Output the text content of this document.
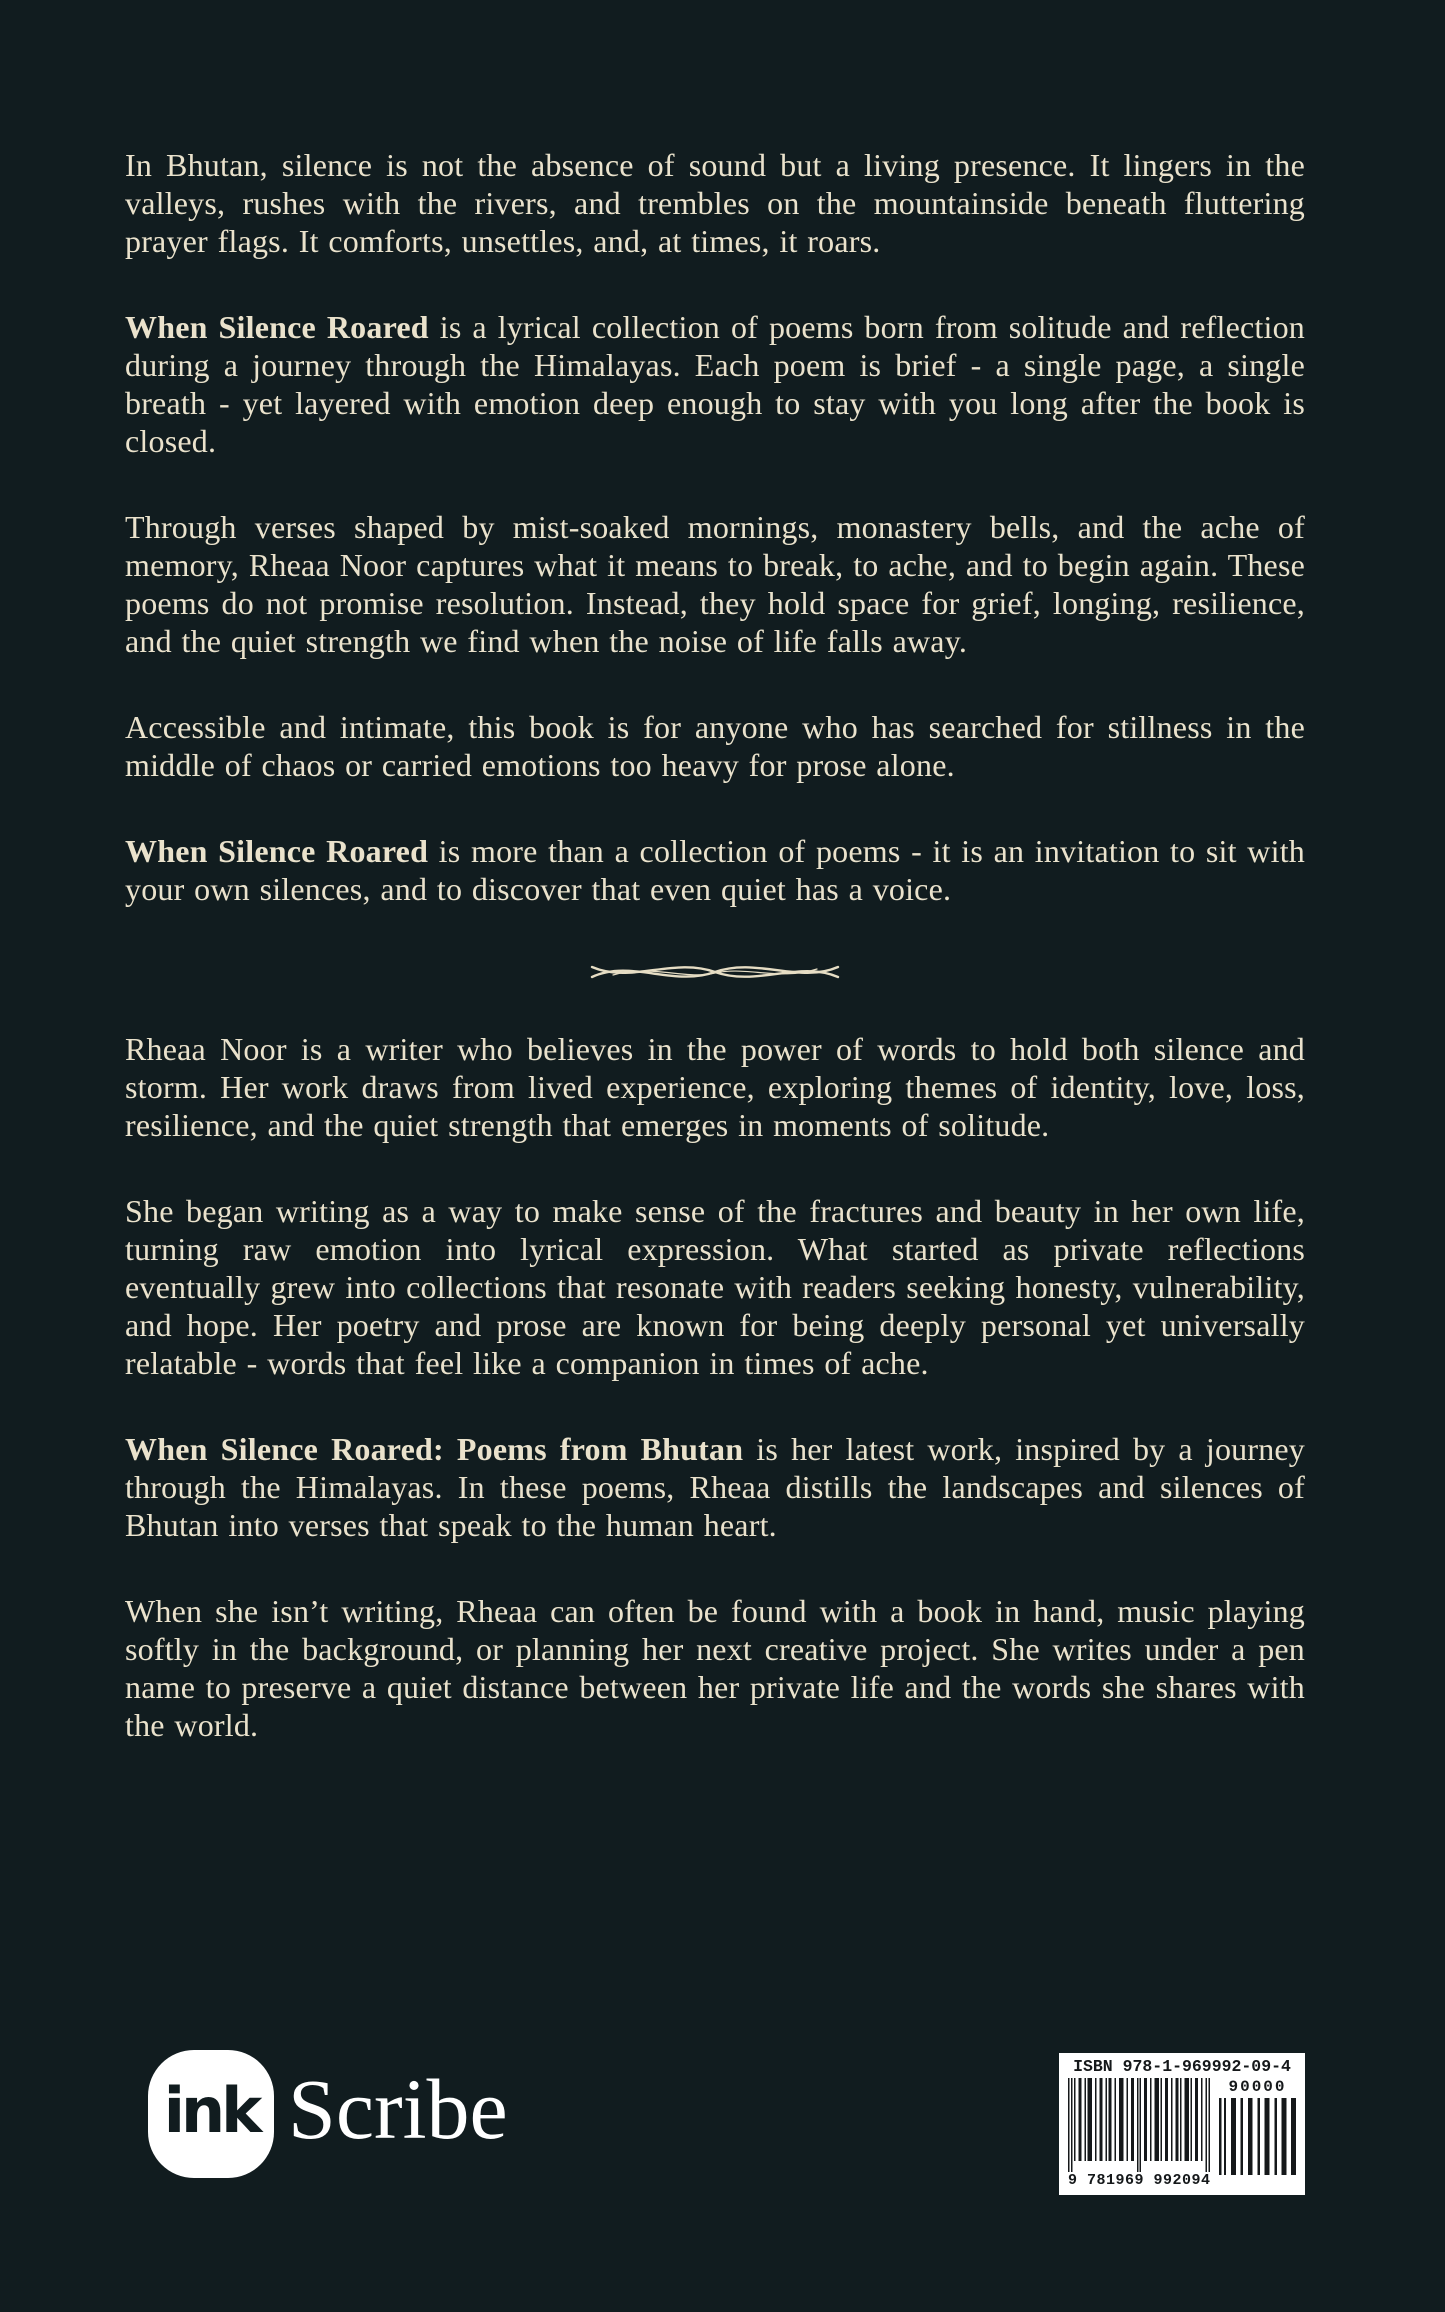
In Bhutan, silence is not the absence of sound but a living presence. It lingers in the valleys, rushes with the rivers, and trembles on the mountainside beneath fluttering prayer flags. It comforts, unsettles, and, at times, it roars.

When Silence Roared is a lyrical collection of poems born from solitude and reflection during a journey through the Himalayas. Each poem is brief - a single page, a single breath - yet layered with emotion deep enough to stay with you long after the book is closed.

Through verses shaped by mist-soaked mornings, monastery bells, and the ache of memory, Rheaa Noor captures what it means to break, to ache, and to begin again. These poems do not promise resolution. Instead, they hold space for grief, longing, resilience, and the quiet strength we find when the noise of life falls away.

Accessible and intimate, this book is for anyone who has searched for stillness in the middle of chaos or carried emotions too heavy for prose alone.

When Silence Roared is more than a collection of poems - it is an invitation to sit with your own silences, and to discover that even quiet has a voice.

Rheaa Noor is a writer who believes in the power of words to hold both silence and storm. Her work draws from lived experience, exploring themes of identity, love, loss, resilience, and the quiet strength that emerges in moments of solitude.

She began writing as a way to make sense of the fractures and beauty in her own life, turning raw emotion into lyrical expression. What started as private reflections eventually grew into collections that resonate with readers seeking honesty, vulnerability, and hope. Her poetry and prose are known for being deeply personal yet universally relatable - words that feel like a companion in times of ache.

When Silence Roared: Poems from Bhutan is her latest work, inspired by a journey through the Himalayas. In these poems, Rheaa distills the landscapes and silences of Bhutan into verses that speak to the human heart.

When she isn’t writing, Rheaa can often be found with a book in hand, music playing softly in the background, or planning her next creative project. She writes under a pen name to preserve a quiet distance between her private life and the words she shares with the world.

ink Scribe	ISBN 978-1-969992-09-4
9 781969 992094
90000
